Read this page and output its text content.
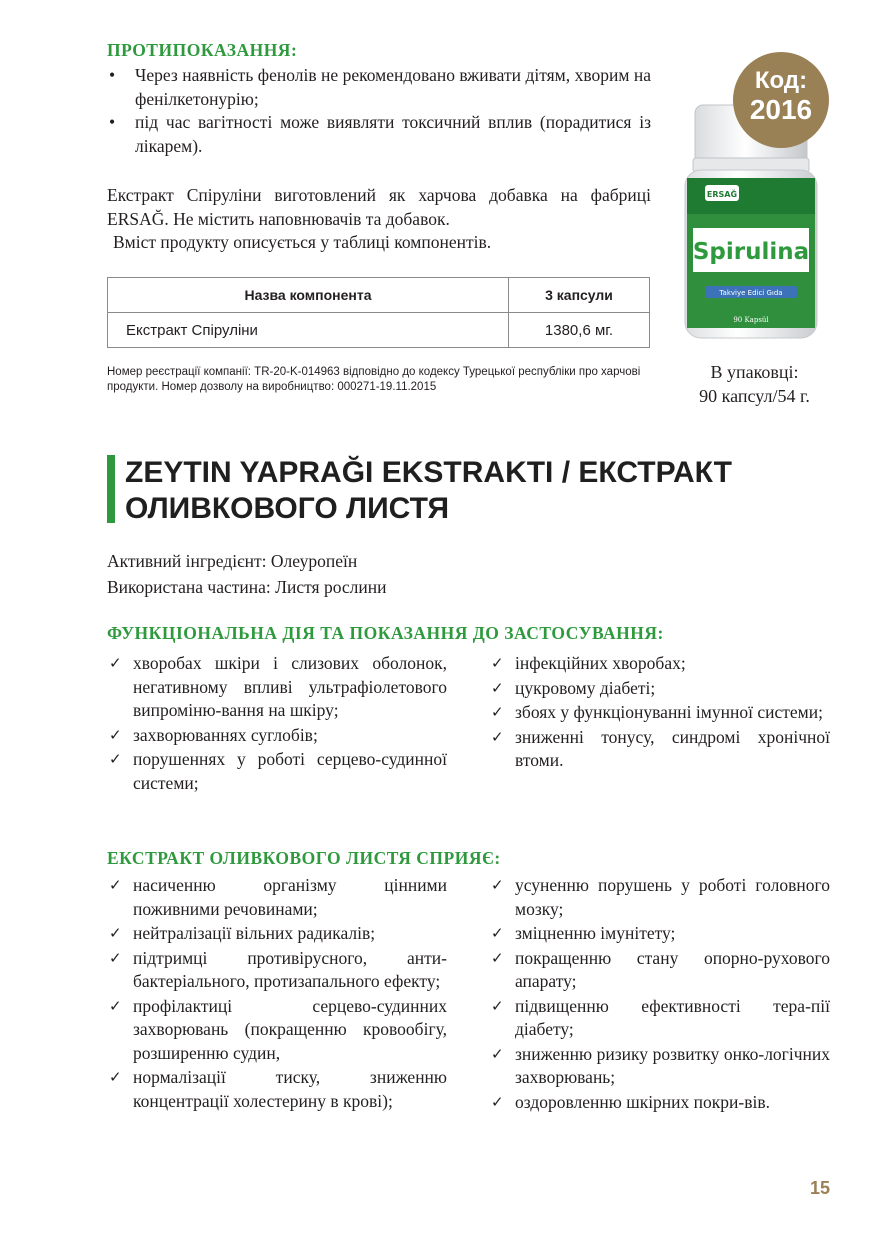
ПРОТИПОКАЗАННЯ:
• Через наявність фенолів не рекомендовано вживати дітям, хворим на фенілкетонурію;
• під час вагітності може виявляти токсичний вплив (порадитися із лікарем).
Екстракт Спіруліни виготовлений як харчова добавка на фабриці ERSAĞ. Не містить наповнювачів та добавок.
Вміст продукту описується у таблиці компонентів.
Назва компонента	3 капсули
Екстракт Спіруліни	1380,6 мг.
Номер реєстрації компанії: TR-20-K-014963 відповідно до кодексу Турецької республіки про харчові продукти. Номер дозволу на виробництво: 000271-19.11.2015
ERSAĞ
Spirulina
Takviye Edici Gıda
90 Kapsül
Код:
2016
В упаковці:
90 капсул/54 г.
ZEYTIN YAPRAĞI EKSTRAKTI / ЕКСТРАКТ
ОЛИВКОВОГО ЛИСТЯ
Активний інгредієнт: Олеуропеїн
Використана частина: Листя рослини
ФУНКЦІОНАЛЬНА ДІЯ ТА ПОКАЗАННЯ ДО ЗАСТОСУВАННЯ:
✓ хворобах шкіри і слизових оболонок, негативному впливі ультрафіолетового випроміню-вання на шкіру;
✓ захворюваннях суглобів;
✓ порушеннях у роботі серцево-судинної системи;
✓ інфекційних хворобах;
✓ цукровому діабеті;
✓ збоях у функціонуванні імунної системи;
✓ зниженні тонусу, синдромі хронічної втоми.
ЕКСТРАКТ ОЛИВКОВОГО ЛИСТЯ СПРИЯЄ:
✓ насиченню організму цінними поживними речовинами;
✓ нейтралізації вільних радикалів;
✓ підтримці противірусного, анти-бактеріального, протизапального ефекту;
✓ профілактиці серцево-судинних захворювань (покращенню кровообігу, розширенню судин,
✓ нормалізації тиску, зниженню концентрації холестерину в крові);
✓ усуненню порушень у роботі головного мозку;
✓ зміцненню імунітету;
✓ покращенню стану опорно-рухового апарату;
✓ підвищенню ефективності тера-пії діабету;
✓ зниженню ризику розвитку онко-логічних захворювань;
✓ оздоровленню шкірних покри-вів.
15
